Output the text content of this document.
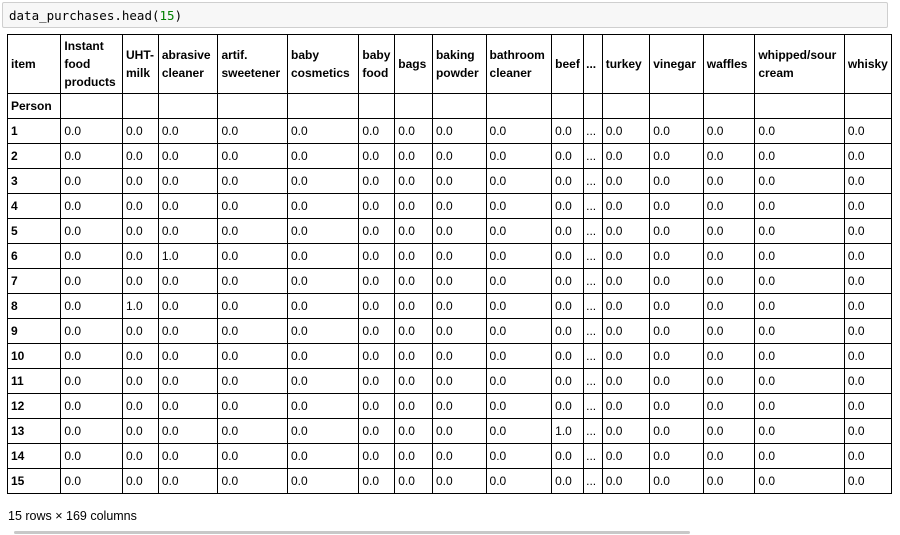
data_purchases.head(15)
item	Instant food products	UHT-milk	abrasive cleaner	artif. sweetener	baby cosmetics	baby food	bags	baking powder	bathroom cleaner	beef	...	turkey	vinegar	waffles	whipped/sour cream	whisky
Person																
1	0.0	0.0	0.0	0.0	0.0	0.0	0.0	0.0	0.0	0.0	...	0.0	0.0	0.0	0.0	0.0
2	0.0	0.0	0.0	0.0	0.0	0.0	0.0	0.0	0.0	0.0	...	0.0	0.0	0.0	0.0	0.0
3	0.0	0.0	0.0	0.0	0.0	0.0	0.0	0.0	0.0	0.0	...	0.0	0.0	0.0	0.0	0.0
4	0.0	0.0	0.0	0.0	0.0	0.0	0.0	0.0	0.0	0.0	...	0.0	0.0	0.0	0.0	0.0
5	0.0	0.0	0.0	0.0	0.0	0.0	0.0	0.0	0.0	0.0	...	0.0	0.0	0.0	0.0	0.0
6	0.0	0.0	1.0	0.0	0.0	0.0	0.0	0.0	0.0	0.0	...	0.0	0.0	0.0	0.0	0.0
7	0.0	0.0	0.0	0.0	0.0	0.0	0.0	0.0	0.0	0.0	...	0.0	0.0	0.0	0.0	0.0
8	0.0	1.0	0.0	0.0	0.0	0.0	0.0	0.0	0.0	0.0	...	0.0	0.0	0.0	0.0	0.0
9	0.0	0.0	0.0	0.0	0.0	0.0	0.0	0.0	0.0	0.0	...	0.0	0.0	0.0	0.0	0.0
10	0.0	0.0	0.0	0.0	0.0	0.0	0.0	0.0	0.0	0.0	...	0.0	0.0	0.0	0.0	0.0
11	0.0	0.0	0.0	0.0	0.0	0.0	0.0	0.0	0.0	0.0	...	0.0	0.0	0.0	0.0	0.0
12	0.0	0.0	0.0	0.0	0.0	0.0	0.0	0.0	0.0	0.0	...	0.0	0.0	0.0	0.0	0.0
13	0.0	0.0	0.0	0.0	0.0	0.0	0.0	0.0	0.0	1.0	...	0.0	0.0	0.0	0.0	0.0
14	0.0	0.0	0.0	0.0	0.0	0.0	0.0	0.0	0.0	0.0	...	0.0	0.0	0.0	0.0	0.0
15	0.0	0.0	0.0	0.0	0.0	0.0	0.0	0.0	0.0	0.0	...	0.0	0.0	0.0	0.0	0.0
15 rows × 169 columns
